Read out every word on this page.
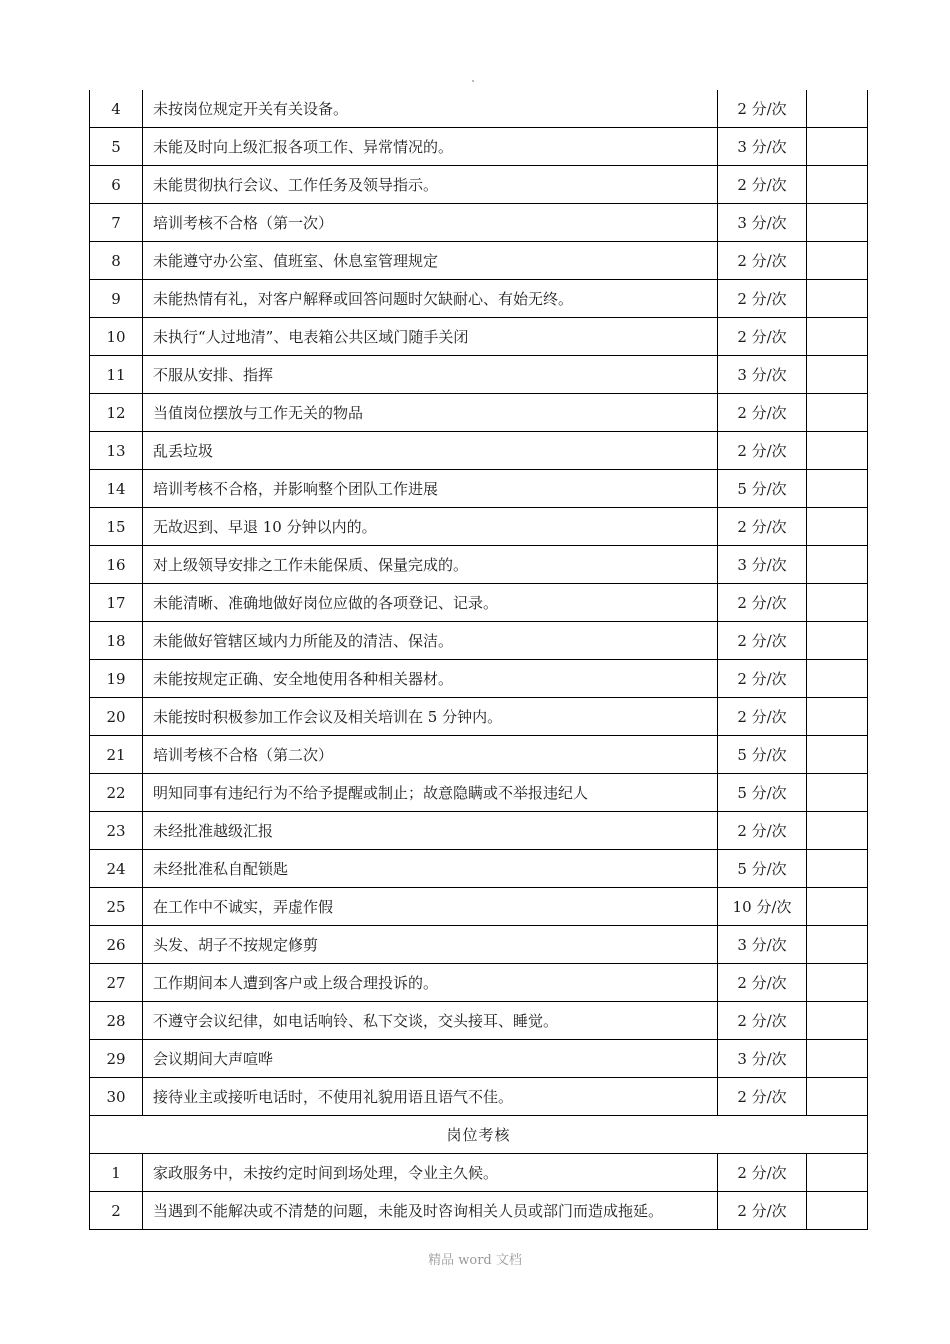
4	未按岗位规定开关有关设备。	2 分/次	
5	未能及时向上级汇报各项工作、异常情况的。	3 分/次	
6	未能贯彻执行会议、工作任务及领导指示。	2 分/次	
7	培训考核不合格（第一次）	3 分/次	
8	未能遵守办公室、值班室、休息室管理规定	2 分/次	
9	未能热情有礼，对客户解释或回答问题时欠缺耐心、有始无终。	2 分/次	
10	未执行“人过地清”、电表箱公共区域门随手关闭	2 分/次	
11	不服从安排、指挥	3 分/次	
12	当值岗位摆放与工作无关的物品	2 分/次	
13	乱丢垃圾	2 分/次	
14	培训考核不合格，并影响整个团队工作进展	5 分/次	
15	无故迟到、早退 10 分钟以内的。	2 分/次	
16	对上级领导安排之工作未能保质、保量完成的。	3 分/次	
17	未能清晰、准确地做好岗位应做的各项登记、记录。	2 分/次	
18	未能做好管辖区域内力所能及的清洁、保洁。	2 分/次	
19	未能按规定正确、安全地使用各种相关器材。	2 分/次	
20	未能按时积极参加工作会议及相关培训在 5 分钟内。	2 分/次	
21	培训考核不合格（第二次）	5 分/次	
22	明知同事有违纪行为不给予提醒或制止；故意隐瞒或不举报违纪人	5 分/次	
23	未经批准越级汇报	2 分/次	
24	未经批准私自配锁匙	5 分/次	
25	在工作中不诚实，弄虚作假	10 分/次	
26	头发、胡子不按规定修剪	3 分/次	
27	工作期间本人遭到客户或上级合理投诉的。	2 分/次	
28	不遵守会议纪律，如电话响铃、私下交谈，交头接耳、睡觉。	2 分/次	
29	会议期间大声喧哗	3 分/次	
30	接待业主或接听电话时，不使用礼貌用语且语气不佳。	2 分/次	
岗位考核			
1	家政服务中，未按约定时间到场处理，令业主久候。	2 分/次	
2	当遇到不能解决或不清楚的问题，未能及时咨询相关人员或部门而造成拖延。	2 分/次	
精品 word 文档
